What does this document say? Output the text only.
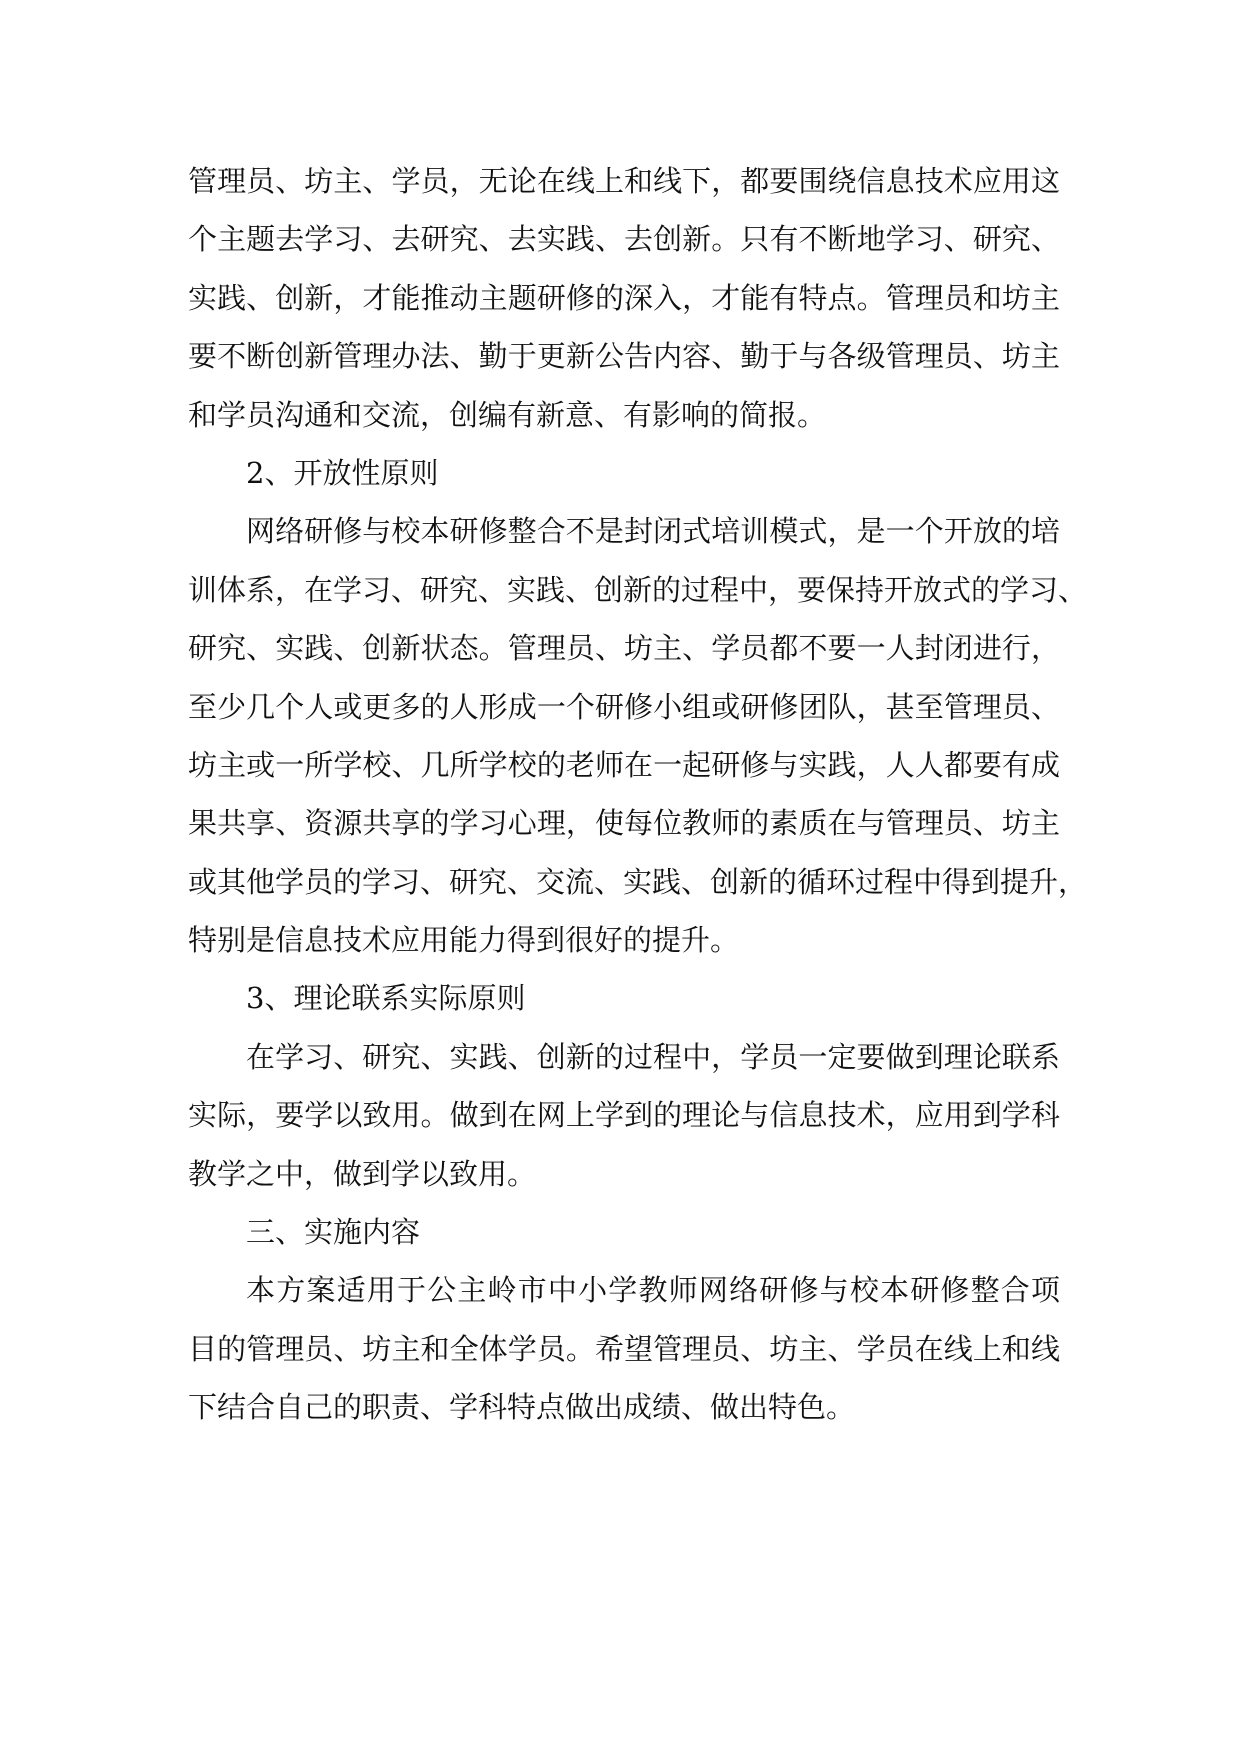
管理员、坊主、学员，无论在线上和线下，都要围绕信息技术应用这
个主题去学习、去研究、去实践、去创新。只有不断地学习、研究、
实践、创新，才能推动主题研修的深入，才能有特点。管理员和坊主
要不断创新管理办法、勤于更新公告内容、勤于与各级管理员、坊主
和学员沟通和交流，创编有新意、有影响的简报。
2、开放性原则
网络研修与校本研修整合不是封闭式培训模式，是一个开放的培
训体系，在学习、研究、实践、创新的过程中，要保持开放式的学习、
研究、实践、创新状态。管理员、坊主、学员都不要一人封闭进行，
至少几个人或更多的人形成一个研修小组或研修团队，甚至管理员、
坊主或一所学校、几所学校的老师在一起研修与实践，人人都要有成
果共享、资源共享的学习心理，使每位教师的素质在与管理员、坊主
或其他学员的学习、研究、交流、实践、创新的循环过程中得到提升，
特别是信息技术应用能力得到很好的提升。
3、理论联系实际原则
在学习、研究、实践、创新的过程中，学员一定要做到理论联系
实际，要学以致用。做到在网上学到的理论与信息技术，应用到学科
教学之中，做到学以致用。
三、实施内容
本方案适用于公主岭市中小学教师网络研修与校本研修整合项
目的管理员、坊主和全体学员。希望管理员、坊主、学员在线上和线
下结合自己的职责、学科特点做出成绩、做出特色。
